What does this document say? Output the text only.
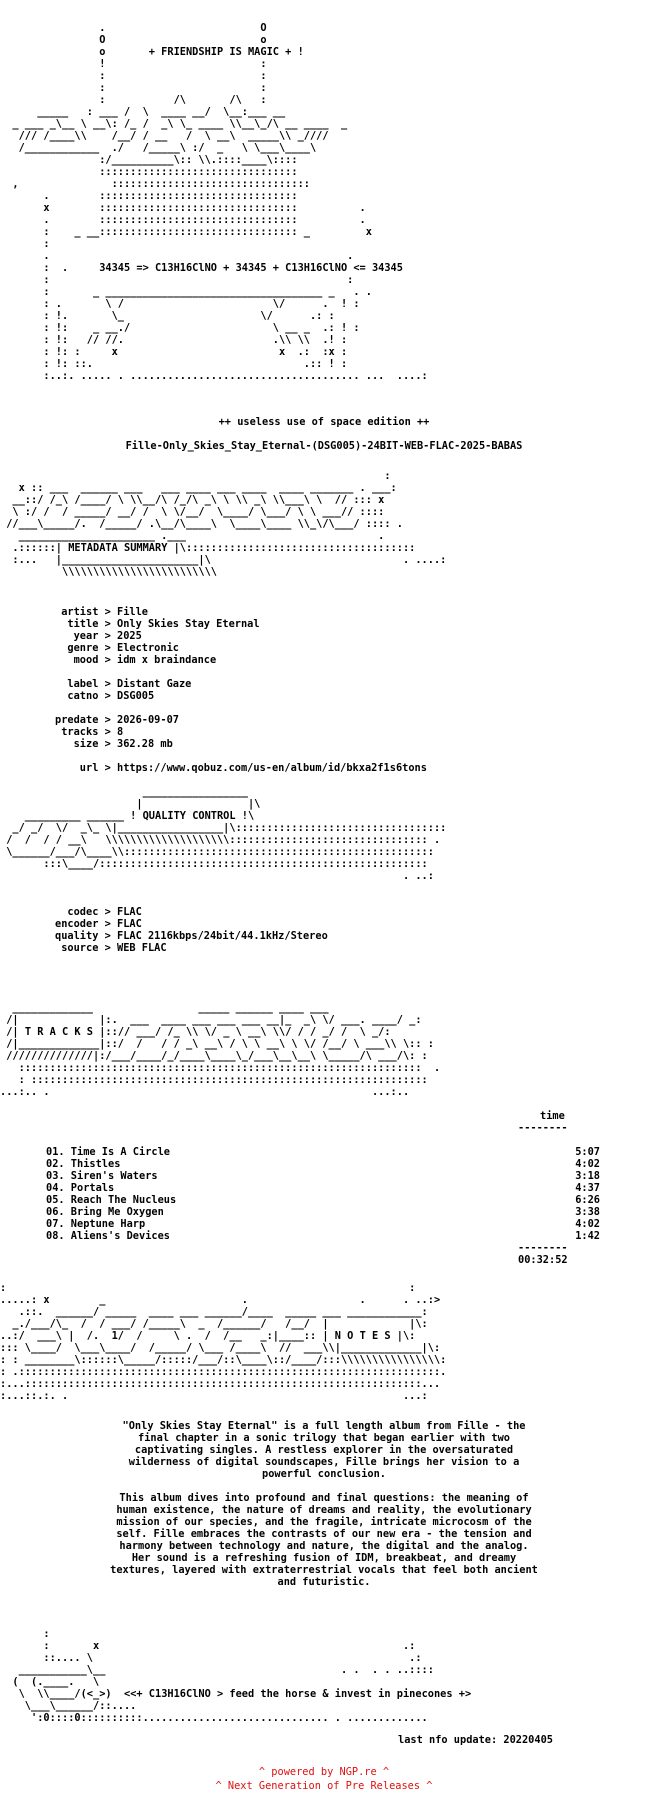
.                         O
O                         o
o       + FRIENDSHIP IS MAGIC + !
!                         :
:                         :
:                         :
:           /\       /\   :
_____   : ___ /  \  ____ __/  \__:___ __
_ ___ _\__ \ __\: /_ /  _\ \_ ____ \\__\_/\ __ ____  _
/// /____\\    /__/ / __   /  \ __\  _____\\ _////
/____________  ./   /_____\ :/  _   \ \___\____\
:/__________\:: \\.::::____\::::
::::::::::::::::::::::::::::::::
,               ::::::::::::::::::::::::::::::::
.        ::::::::::::::::::::::::::::::::
x        ::::::::::::::::::::::::::::::::          .
.        ::::::::::::::::::::::::::::::::          .
:    _ __:::::::::::::::::::::::::::::::: _         x
:
.                                                .
:  .     34345 => C13H16ClNO + 34345 + C13H16ClNO <= 34345
:                                                :
:       _ ___________________________________ _   . .
: .       \ /                        \/      .  ! :
: !.       \_                      \/      .: :
: !:    _ __./                       \ __ _  .: ! :
: !:   // //.                        .\\ \\  .! :
: !: :     x                          x  .:  :x :
: !: ::.                                  .:: ! :
:..:. ..... . ..................................... ...  ....:
++ useless use of space edition ++
Fille-Only_Skies_Stay_Eternal-(DSG005)-24BIT-WEB-FLAC-2025-BABAS
:
x :: ___  ______ ___   ___ ____ ___ ____  ____ _______ . ___:
__::/ /_\ /____/ \ \\__/\ /_/\ _\ \ \\ _\ \\___\ \  // ::: x
\ :/ /  / _____/ __/ /  \ \/__/  \____/ \___/ \ \ ___// ::::
//___\_____/.  /_____/ .\__/\____\  \____\____ \\_\/\___/ :::: .
______________________ .___                               .
.::::::| METADATA SUMMARY |\:::::::::::::::::::::::::::::::::::::
:...   |______________________|\                               . ....:
\\\\\\\\\\\\\\\\\\\\\\\\\
artist > Fille
title > Only Skies Stay Eternal
year > 2025
genre > Electronic
mood > idm x braindance
label > Distant Gaze
catno > DSG005
predate > 2026-09-07
tracks > 8
size > 362.28 mb
url > https://www.qobuz.com/us-en/album/id/bkxa2f1s6tons
_________________
|                 |\
_________ ______ ! QUALITY CONTROL !\
_/ _/  \/  _\_ \|_________________|\::::::::::::::::::::::::::::::::::
/  /  / / __\   \\\\\\\\\\\\\\\\\\\\:::::::::::::::::::::::::::::::: .
\______/___/\____\\::::::::::::::::::::::::::::::::::::::::::::::::::
:::\____/:::::::::::::::::::::::::::::::::::::::::::::::::::::
. ..:
codec > FLAC
encoder > FLAC
quality > FLAC 2116kbps/24bit/44.1kHz/Stereo
source > WEB FLAC
_____________                 _____ ______ ____ ___
/|             |:.  ___  ____ ___ ___ ___ __|_  _\ \/ ___. ____/ _:
/| T R A C K S |::// ___/ /_ \\ \/ _ \ __\ \\/ / / _/ /  \ _/:
/|_____________|::/  /   / / _\ __\ / \ \ __\ \ \/ /__/ \ ___\\ \:: :
//////////////|:/___/____/_/____\____\_/___\__\__\ \_____/\ ___/\: :
:::::::::::::::::::::::::::::::::::::::::::::::::::::::::::::::::  .
: ::::::::::::::::::::::::::::::::::::::::::::::::::::::::::::::::
...:.. .                                                    ...:..
time
--------
01. Time Is A Circle	5:07
02. Thistles	4:02
03. Siren's Waters	3:18
04. Portals	4:37
05. Reach The Nucleus	6:26
06. Bring Me Oxygen	3:38
07. Neptune Harp	4:02
08. Aliens's Devices	1:42
--------
00:32:52
:                                                                 :
.....: x        _                      .                  .      . ..:>
.::.  ______/ _____  ____ ___ ______/____  _____ ___ ____________:
_./___/\_  /  / ___/ /_____\  _  /______/   /__/  |             |\:
..:/  ___\ |  /.  1/  /     \ .  /  /__   _:|____:: | N O T E S |\:
::: \____/  \___\____/  /_____/ \___ /____\  //  ___\\|_____________|\:
: : ________\::::::\_____/:::::/___/::\____\::/____/:::\\\\\\\\\\\\\\\\:
: .::::::::::::::::::::::::::::::::::::::::::::::::::::::::::::::::::::.
:...::::::::::::::::::::::::::::::::::::::::::::::::::::::::::::::::...
:...::.:. .                                                      ...:
"Only Skies Stay Eternal" is a full length album from Fille - the
final chapter in a sonic trilogy that began earlier with two
captivating singles. A restless explorer in the oversaturated
wilderness of digital soundscapes, Fille brings her vision to a
powerful conclusion.
This album dives into profound and final questions: the meaning of
human existence, the nature of dreams and reality, the evolutionary
mission of our species, and the fragile, intricate microcosm of the
self. Fille embraces the contrasts of our new era - the tension and
harmony between technology and nature, the digital and the analog.
Her sound is a refreshing fusion of IDM, breakbeat, and dreamy
textures, layered with extraterrestrial vocals that feel both ancient
and futuristic.
:
:       x                                                 .:
::.... \                                                   .:
___________\__                                      . .  . . ..::::
(  (.____.   \
\  \\____/(<_>)  <<+ C13H16ClNO > feed the horse & invest in pinecones +>
\___\______/::....
':0::::0::::::::::.............................. . .............
last nfo update: 20220405
^ powered by NGP.re ^
^ Next Generation of Pre Releases ^
